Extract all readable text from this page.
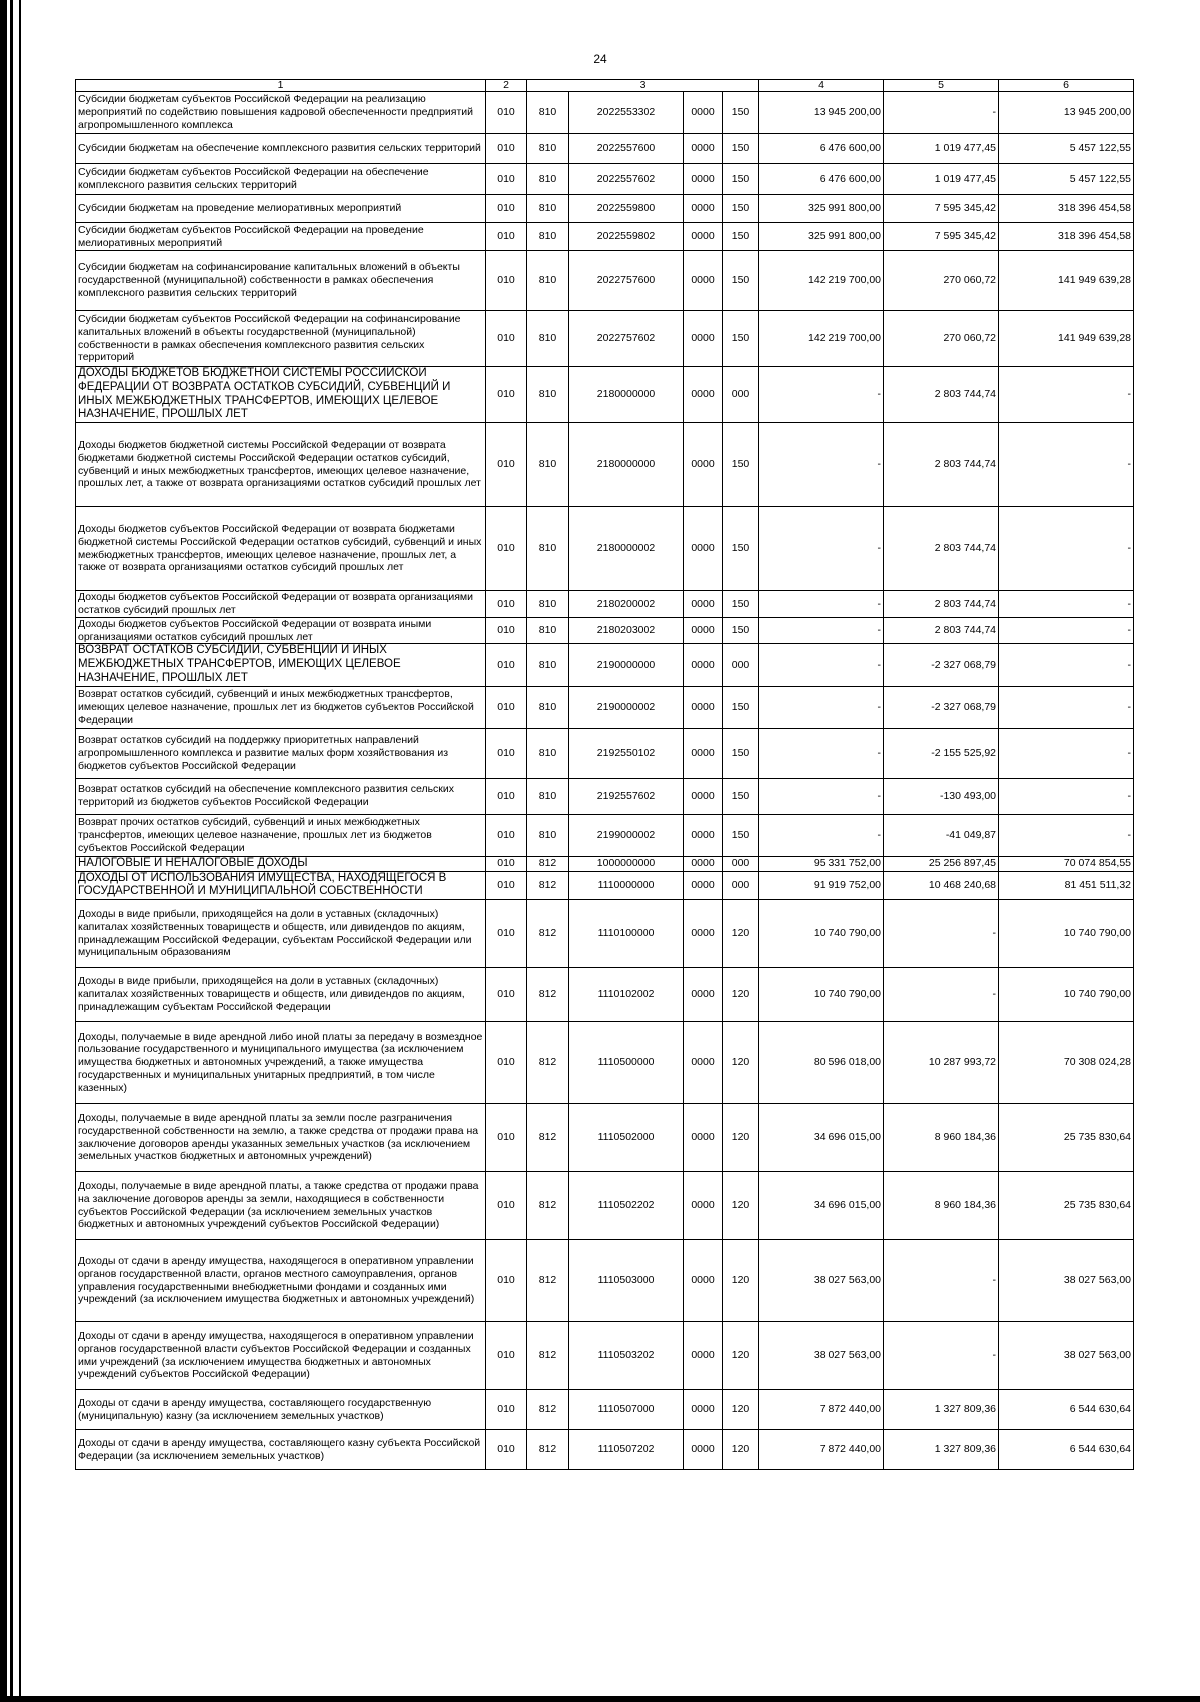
24
1	2	3				4	5	6
Субсидии бюджетам субъектов Российской Федерации на реализацию мероприятий по содействию повышения кадровой обеспеченности предприятий агропромышленного комплекса	010	810	2022553302	0000	150	13 945 200,00	-	13 945 200,00
Субсидии бюджетам на обеспечение комплексного развития сельских территорий	010	810	2022557600	0000	150	6 476 600,00	1 019 477,45	5 457 122,55
Субсидии бюджетам субъектов Российской Федерации на обеспечение комплексного развития сельских территорий	010	810	2022557602	0000	150	6 476 600,00	1 019 477,45	5 457 122,55
Субсидии бюджетам на проведение мелиоративных мероприятий	010	810	2022559800	0000	150	325 991 800,00	7 595 345,42	318 396 454,58
Субсидии бюджетам субъектов Российской Федерации на проведение мелиоративных мероприятий	010	810	2022559802	0000	150	325 991 800,00	7 595 345,42	318 396 454,58
Субсидии бюджетам на софинансирование капитальных вложений в объекты государственной (муниципальной) собственности в рамках обеспечения комплексного развития сельских территорий	010	810	2022757600	0000	150	142 219 700,00	270 060,72	141 949 639,28
Субсидии бюджетам субъектов Российской Федерации на софинансирование капитальных вложений в объекты государственной (муниципальной) собственности в рамках обеспечения комплексного развития сельских территорий	010	810	2022757602	0000	150	142 219 700,00	270 060,72	141 949 639,28
ДОХОДЫ БЮДЖЕТОВ БЮДЖЕТНОЙ СИСТЕМЫ РОССИЙСКОЙ ФЕДЕРАЦИИ ОТ ВОЗВРАТА ОСТАТКОВ СУБСИДИЙ, СУБВЕНЦИЙ И ИНЫХ МЕЖБЮДЖЕТНЫХ ТРАНСФЕРТОВ, ИМЕЮЩИХ ЦЕЛЕВОЕ НАЗНАЧЕНИЕ, ПРОШЛЫХ ЛЕТ	010	810	2180000000	0000	000	-	2 803 744,74	-
Доходы бюджетов бюджетной системы Российской Федерации от возврата бюджетами бюджетной системы Российской Федерации остатков субсидий, субвенций и иных межбюджетных трансфертов, имеющих целевое назначение, прошлых лет, а также от возврата организациями остатков субсидий прошлых лет	010	810	2180000000	0000	150	-	2 803 744,74	-
Доходы бюджетов субъектов Российской Федерации от возврата бюджетами бюджетной системы Российской Федерации остатков субсидий, субвенций и иных межбюджетных трансфертов, имеющих целевое назначение, прошлых лет, а также от возврата организациями остатков субсидий прошлых лет	010	810	2180000002	0000	150	-	2 803 744,74	-
Доходы бюджетов субъектов Российской Федерации от возврата организациями остатков субсидий прошлых лет	010	810	2180200002	0000	150	-	2 803 744,74	-
Доходы бюджетов субъектов Российской Федерации от возврата иными организациями остатков субсидий прошлых лет	010	810	2180203002	0000	150	-	2 803 744,74	-
ВОЗВРАТ ОСТАТКОВ СУБСИДИЙ, СУБВЕНЦИЙ И ИНЫХ МЕЖБЮДЖЕТНЫХ ТРАНСФЕРТОВ, ИМЕЮЩИХ ЦЕЛЕВОЕ НАЗНАЧЕНИЕ, ПРОШЛЫХ ЛЕТ	010	810	2190000000	0000	000	-	-2 327 068,79	-
Возврат остатков субсидий, субвенций и иных межбюджетных трансфертов, имеющих целевое назначение, прошлых лет из бюджетов субъектов Российской Федерации	010	810	2190000002	0000	150	-	-2 327 068,79	-
Возврат остатков субсидий на поддержку приоритетных направлений агропромышленного комплекса и развитие малых форм хозяйствования из бюджетов субъектов Российской Федерации	010	810	2192550102	0000	150	-	-2 155 525,92	-
Возврат остатков субсидий на обеспечение комплексного развития сельских территорий из бюджетов субъектов Российской Федерации	010	810	2192557602	0000	150	-	-130 493,00	-
Возврат прочих остатков субсидий, субвенций и иных межбюджетных трансфертов, имеющих целевое назначение, прошлых лет из бюджетов субъектов Российской Федерации	010	810	2199000002	0000	150	-	-41 049,87	-
НАЛОГОВЫЕ И НЕНАЛОГОВЫЕ ДОХОДЫ	010	812	1000000000	0000	000	95 331 752,00	25 256 897,45	70 074 854,55
ДОХОДЫ ОТ ИСПОЛЬЗОВАНИЯ ИМУЩЕСТВА, НАХОДЯЩЕГОСЯ В ГОСУДАРСТВЕННОЙ И МУНИЦИПАЛЬНОЙ СОБСТВЕННОСТИ	010	812	1110000000	0000	000	91 919 752,00	10 468 240,68	81 451 511,32
Доходы в виде прибыли, приходящейся на доли в уставных (складочных) капиталах хозяйственных товариществ и обществ, или дивидендов по акциям, принадлежащим Российской Федерации, субъектам Российской Федерации или муниципальным образованиям	010	812	1110100000	0000	120	10 740 790,00	-	10 740 790,00
Доходы в виде прибыли, приходящейся на доли в уставных (складочных) капиталах хозяйственных товариществ и обществ, или дивидендов по акциям, принадлежащим субъектам Российской Федерации	010	812	1110102002	0000	120	10 740 790,00	-	10 740 790,00
Доходы, получаемые в виде арендной либо иной платы за передачу в возмездное пользование государственного и муниципального имущества (за исключением имущества бюджетных и автономных учреждений, а также имущества государственных и муниципальных унитарных предприятий, в том числе казенных)	010	812	1110500000	0000	120	80 596 018,00	10 287 993,72	70 308 024,28
Доходы, получаемые в виде арендной платы за земли после разграничения государственной собственности на землю, а также средства от продажи права на заключение договоров аренды указанных земельных участков (за исключением земельных участков бюджетных и автономных учреждений)	010	812	1110502000	0000	120	34 696 015,00	8 960 184,36	25 735 830,64
Доходы, получаемые в виде арендной платы, а также средства от продажи права на заключение договоров аренды за земли, находящиеся в собственности субъектов Российской Федерации (за исключением земельных участков бюджетных и автономных учреждений субъектов Российской Федерации)	010	812	1110502202	0000	120	34 696 015,00	8 960 184,36	25 735 830,64
Доходы от сдачи в аренду имущества, находящегося в оперативном управлении органов государственной власти, органов местного самоуправления, органов управления государственными внебюджетными фондами и созданных ими учреждений (за исключением имущества бюджетных и автономных учреждений)	010	812	1110503000	0000	120	38 027 563,00	-	38 027 563,00
Доходы от сдачи в аренду имущества, находящегося в оперативном управлении органов государственной власти субъектов Российской Федерации и созданных ими учреждений (за исключением имущества бюджетных и автономных учреждений субъектов Российской Федерации)	010	812	1110503202	0000	120	38 027 563,00	-	38 027 563,00
Доходы от сдачи в аренду имущества, составляющего государственную (муниципальную) казну (за исключением земельных участков)	010	812	1110507000	0000	120	7 872 440,00	1 327 809,36	6 544 630,64
Доходы от сдачи в аренду имущества, составляющего казну субъекта Российской Федерации (за исключением земельных участков)	010	812	1110507202	0000	120	7 872 440,00	1 327 809,36	6 544 630,64
